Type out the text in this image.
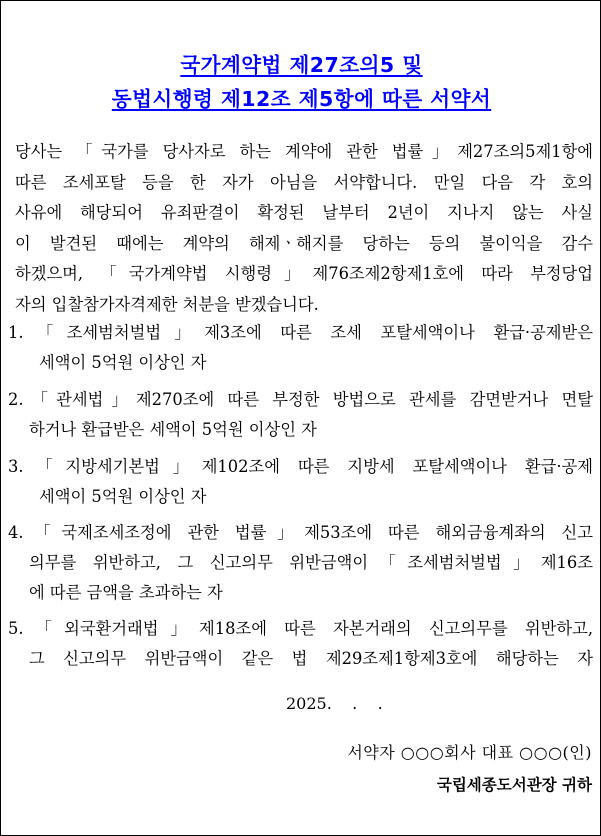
국가계약법 제27조의5 및
동법시행령 제12조 제5항에 따른 서약서
당사는 「국가를 당사자로 하는 계약에 관한 법률」제27조의5제1항에
따른 조세포탈 등을 한 자가 아님을 서약합니다. 만일 다음 각 호의
사유에 해당되어 유죄판결이 확정된 날부터 2년이 지나지 않는 사실
이 발견된 때에는 계약의 해제ㆍ해지를 당하는 등의 불이익을 감수
하겠으며, 「국가계약법 시행령」제76조제2항제1호에 따라 부정당업
자의 입찰참가자격제한 처분을 받겠습니다.
1.「조세범처벌법」제3조에 따른 조세 포탈세액이나 환급·공제받은
세액이 5억원 이상인 자
2.「관세법」제270조에 따른 부정한 방법으로 관세를 감면받거나 면탈
하거나 환급받은 세액이 5억원 이상인 자
3.「지방세기본법」제102조에 따른 지방세 포탈세액이나 환급·공제
세액이 5억원 이상인 자
4.「국제조세조정에 관한 법률」제53조에 따른 해외금융계좌의 신고
의무를 위반하고, 그 신고의무 위반금액이「조세범처벌법」제16조
에 따른 금액을 초과하는 자
5.「외국환거래법」제18조에 따른 자본거래의 신고의무를 위반하고,
그 신고의무 위반금액이 같은 법 제29조제1항제3호에 해당하는 자
2025.    .    .
서약자 ○○○회사 대표 ○○○(인)
국립세종도서관장 귀하
